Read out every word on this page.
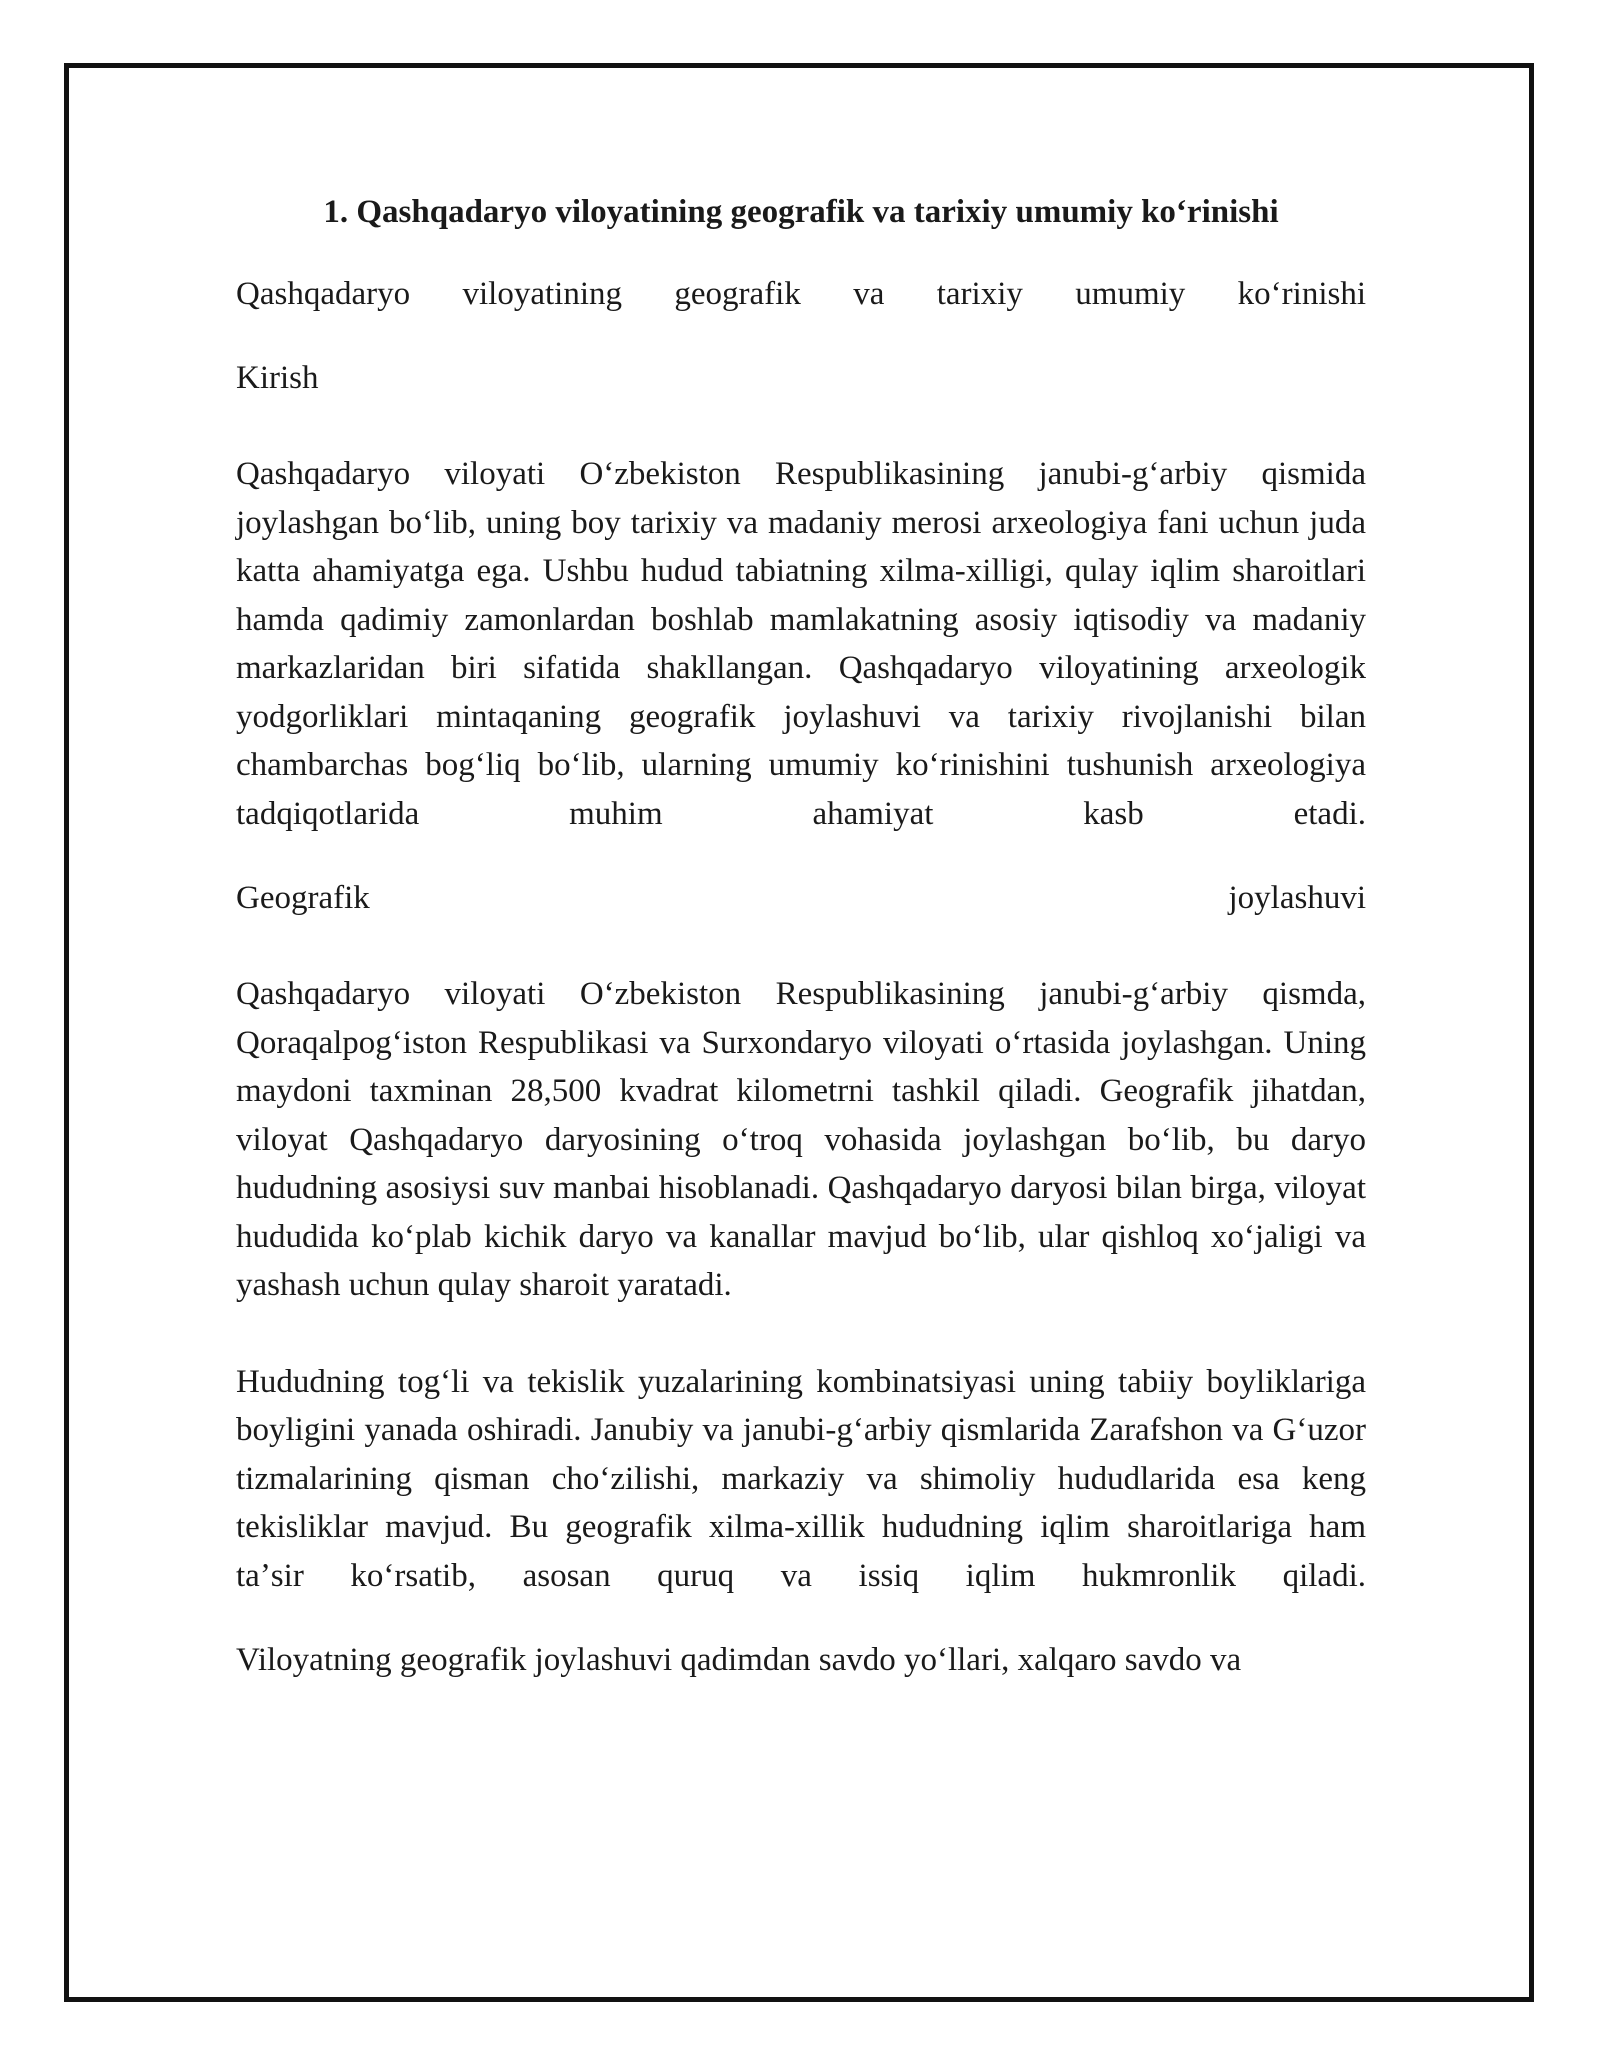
1. Qashqadaryo viloyatining geografik va tarixiy umumiy koʻrinishi

Qashqadaryo viloyatining geografik va tarixiy umumiy koʻrinishi

Kirish

Qashqadaryo viloyati Oʻzbekiston Respublikasining janubi-gʻarbiy qismida joylashgan boʻlib, uning boy tarixiy va madaniy merosi arxeologiya fani uchun juda katta ahamiyatga ega. Ushbu hudud tabiatning xilma-xilligi, qulay iqlim sharoitlari hamda qadimiy zamonlardan boshlab mamlakatning asosiy iqtisodiy va madaniy markazlaridan biri sifatida shakllangan. Qashqadaryo viloyatining arxeologik yodgorliklari mintaqaning geografik joylashuvi va tarixiy rivojlanishi bilan chambarchas bogʻliq boʻlib, ularning umumiy koʻrinishini tushunish arxeologiya tadqiqotlarida muhim ahamiyat kasb etadi.

Geografik joylashuvi

Qashqadaryo viloyati Oʻzbekiston Respublikasining janubi-gʻarbiy qismda, Qoraqalpogʻiston Respublikasi va Surxondaryo viloyati oʻrtasida joylashgan. Uning maydoni taxminan 28,500 kvadrat kilometrni tashkil qiladi. Geografik jihatdan, viloyat Qashqadaryo daryosining oʻtroq vohasida joylashgan boʻlib, bu daryo hududning asosiysi suv manbai hisoblanadi. Qashqadaryo daryosi bilan birga, viloyat hududida koʻplab kichik daryo va kanallar mavjud boʻlib, ular qishloq xoʻjaligi va yashash uchun qulay sharoit yaratadi.

Hududning togʻli va tekislik yuzalarining kombinatsiyasi uning tabiiy boyliklariga boyligini yanada oshiradi. Janubiy va janubi-gʻarbiy qismlarida Zarafshon va Gʻuzor tizmalarining qisman choʻzilishi, markaziy va shimoliy hududlarida esa keng tekisliklar mavjud. Bu geografik xilma-xillik hududning iqlim sharoitlariga ham taʼsir koʻrsatib, asosan quruq va issiq iqlim hukmronlik qiladi.

Viloyatning geografik joylashuvi qadimdan savdo yoʻllari, xalqaro savdo va
